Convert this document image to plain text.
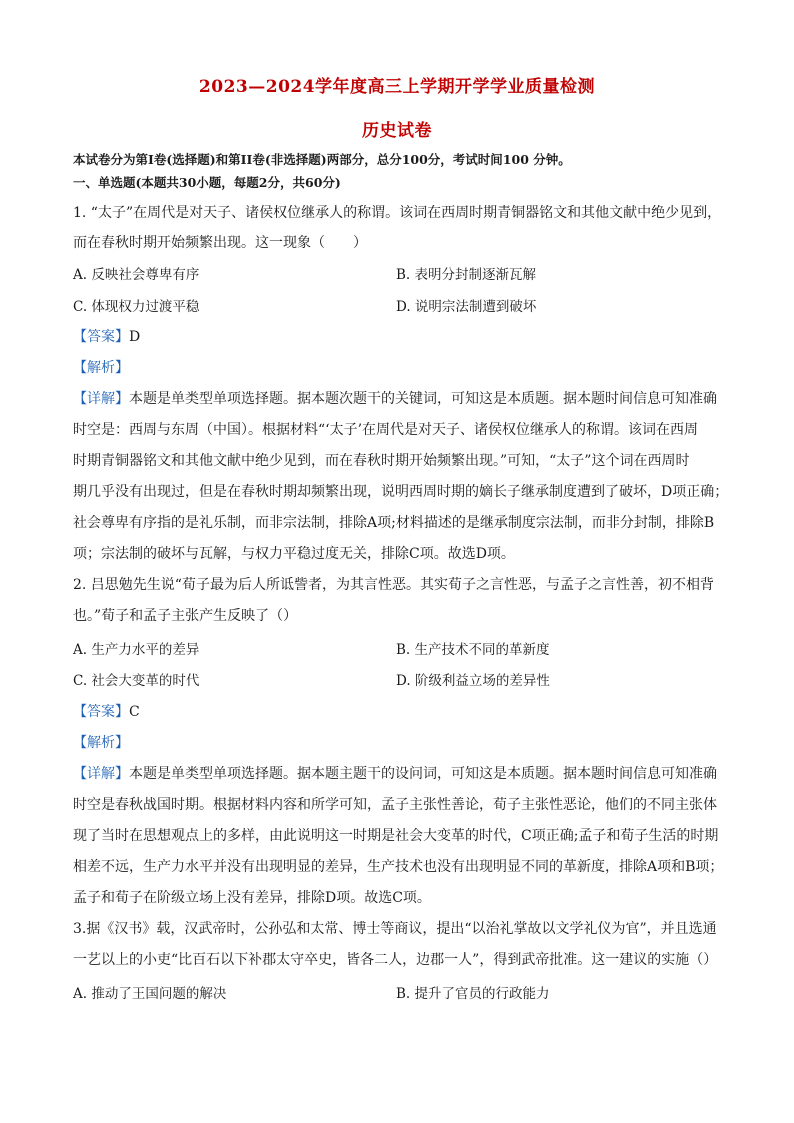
2023—2024学年度高三上学期开学学业质量检测
历史试卷
本试卷分为第Ⅰ卷(选择题)和第II卷(非选择题)两部分，总分100分，考试时间100 分钟。
一、单选题(本题共30小题，每题2分，共60分)
1. “太子”在周代是对天子、诸侯权位继承人的称谓。该词在西周时期青铜器铭文和其他文献中绝少见到，
而在春秋时期开始频繁出现。这一现象（　　）
A. 反映社会尊卑有序	B. 表明分封制逐渐瓦解
C. 体现权力过渡平稳	D. 说明宗法制遭到破坏
【答案】D
【解析】
【详解】本题是单类型单项选择题。据本题次题干的关键词，可知这是本质题。据本题时间信息可知准确
时空是：西周与东周（中国）。根据材料“‘太子’在周代是对天子、诸侯权位继承人的称谓。该词在西周
时期青铜器铭文和其他文献中绝少见到，而在春秋时期开始频繁出现。”可知，“太子”这个词在西周时
期几乎没有出现过，但是在春秋时期却频繁出现，说明西周时期的嫡长子继承制度遭到了破坏，D项正确；
社会尊卑有序指的是礼乐制，而非宗法制，排除A项;材料描述的是继承制度宗法制，而非分封制，排除B
项；宗法制的破坏与瓦解，与权力平稳过度无关，排除C项。故选D项。
2. 吕思勉先生说“荀子最为后人所诋訾者，为其言性恶。其实荀子之言性恶，与孟子之言性善，初不相背
也。”荀子和孟子主张产生反映了（）
A. 生产力水平的差异	B. 生产技术不同的革新度
C. 社会大变革的时代	D. 阶级利益立场的差异性
【答案】C
【解析】
【详解】本题是单类型单项选择题。据本题主题干的设问词，可知这是本质题。据本题时间信息可知准确
时空是春秋战国时期。根据材料内容和所学可知，孟子主张性善论，荀子主张性恶论，他们的不同主张体
现了当时在思想观点上的多样，由此说明这一时期是社会大变革的时代，C项正确;孟子和荀子生活的时期
相差不远，生产力水平并没有出现明显的差异，生产技术也没有出现明显不同的革新度，排除A项和B项；
孟子和荀子在阶级立场上没有差异，排除D项。故选C项。
3.据《汉书》载，汉武帝时，公孙弘和太常、博士等商议，提出“以治礼掌故以文学礼仪为官”，并且选通
一艺以上的小吏“比百石以下补郡太守卒史，皆各二人，边郡一人”，得到武帝批准。这一建议的实施（）
A. 推动了王国问题的解决	B. 提升了官员的行政能力
